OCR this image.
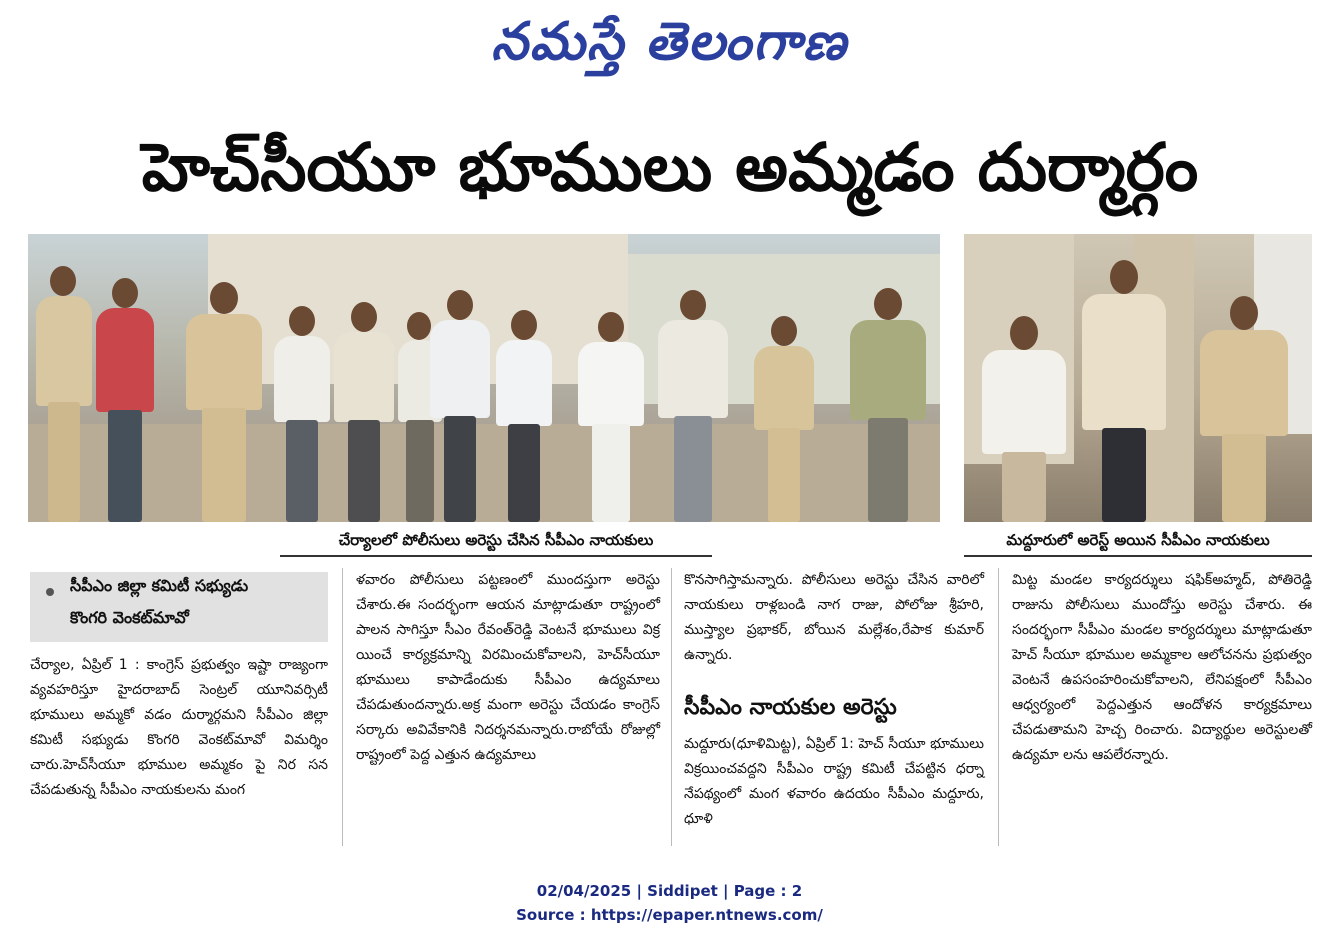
నమస్తే తెలంగాణ
హెచ్‌సీయూ భూములు అమ్మడం దుర్మార్గం
చేర్యాలలో పోలీసులు అరెస్టు చేసిన సీపీఎం నాయకులు	మద్దూరులో అరెస్ట్ అయిన సీపీఎం నాయకులు
సీపీఎం జిల్లా కమిటీ సభ్యుడు
కొంగరి వెంకట్‌మావో
చేర్యాల, ఏప్రిల్ 1 : కాంగ్రెస్ ప్రభుత్వం ఇష్టా రాజ్యంగా వ్యవహరిస్తూ హైదరాబాద్ సెంట్రల్ యూనివర్సిటీ భూములు అమ్మకో వడం దుర్మార్గమని సీపీఎం జిల్లా కమిటీ సభ్యుడు కొంగరి వెంకట్‌మావో విమర్శిం చారు.హెచ్‌సీయూ భూముల అమ్మకం పై నిర సన చేపడుతున్న సీపీఎం నాయకులను మంగ
ళవారం పోలీసులు పట్టణంలో ముందస్తుగా అరెస్టు చేశారు.ఈ సందర్భంగా ఆయన మాట్లాడుతూ రాష్ట్రంలో పాలన సాగిస్తూ సీఎం రేవంత్‌రెడ్డి వెంటనే భూములు విక్ర యించే కార్యక్రమాన్ని విరమించుకోవాలని, హెచ్‌సీయూ భూములు కాపాడేందుకు సీపీఎం ఉద్యమాలు చేపడుతుందన్నారు.అక్ర మంగా అరెస్టు చేయడం కాంగ్రెస్ సర్కారు అవివేకానికి నిదర్శనమన్నారు.రాబోయే రోజుల్లో రాష్ట్రంలో పెద్ద ఎత్తున ఉద్యమాలు
కొనసాగిస్తామన్నారు. పోలీసులు అరెస్టు చేసిన వారిలో నాయకులు రాళ్లబండి నాగ రాజు, పోలోజు శ్రీహరి, ముస్త్యాల ప్రభాకర్, బోయిన మల్లేశం,రేపాక కుమార్ ఉన్నారు.
సీపీఎం నాయకుల అరెస్టు
మద్దూరు(ధూళిమిట్ట), ఏప్రిల్ 1: హెచ్ సీయూ భూములు విక్రయించవద్దని సీపీఎం రాష్ట్ర కమిటీ చేపట్టిన ధర్నా నేపథ్యంలో మంగ ళవారం ఉదయం సీపీఎం మద్దూరు, ధూళి
మిట్ట మండల కార్యదర్శులు షఫిక్‌అహ్మద్, పోతిరెడ్డి రాజును పోలీసులు ముందోస్తు అరెస్టు చేశారు. ఈ సందర్భంగా సీపీఎం మండల కార్యదర్శులు మాట్లాడుతూ హెచ్ సీయూ భూముల అమ్మకాల ఆలోచనను ప్రభుత్వం వెంటనే ఉపసంహరించుకోవాలని, లేనిపక్షంలో సీపీఎం ఆధ్వర్యంలో పెద్దఎత్తున ఆందోళన కార్యక్రమాలు చేపడుతామని హెచ్చ రించారు. విద్యార్థుల అరెస్టులతో ఉద్యమా లను ఆపలేరన్నారు.
02/04/2025 | Siddipet | Page : 2
Source : https://epaper.ntnews.com/
